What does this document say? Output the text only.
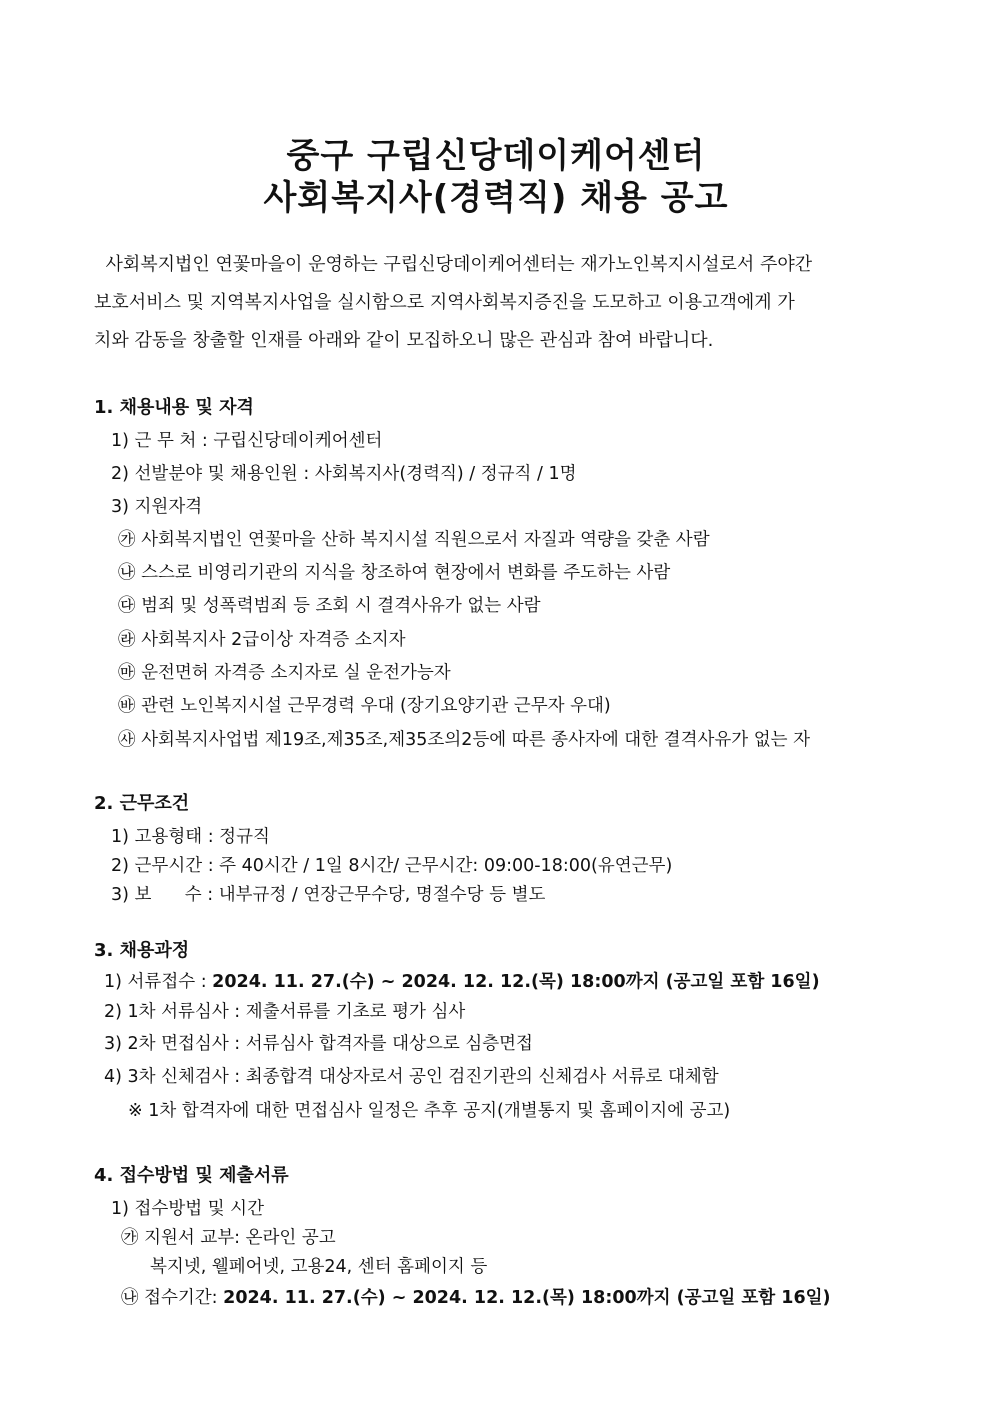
중구 구립신당데이케어센터
사회복지사(경력직) 채용 공고
사회복지법인 연꽃마을이 운영하는 구립신당데이케어센터는 재가노인복지시설로서 주야간
보호서비스 및 지역복지사업을 실시함으로 지역사회복지증진을 도모하고 이용고객에게 가
치와 감동을 창출할 인재를 아래와 같이 모집하오니 많은 관심과 참여 바랍니다.
1. 채용내용 및 자격
1) 근 무 처 : 구립신당데이케어센터
2) 선발분야 및 채용인원 : 사회복지사(경력직) / 정규직 / 1명
3) 지원자격
㉮ 사회복지법인 연꽃마을 산하 복지시설 직원으로서 자질과 역량을 갖춘 사람
㉯ 스스로 비영리기관의 지식을 창조하여 현장에서 변화를 주도하는 사람
㉰ 범죄 및 성폭력범죄 등 조회 시 결격사유가 없는 사람
㉱ 사회복지사 2급이상 자격증 소지자
㉲ 운전면허 자격증 소지자로 실 운전가능자
㉳ 관련 노인복지시설 근무경력 우대 (장기요양기관 근무자 우대)
㉴ 사회복지사업법 제19조,제35조,제35조의2등에 따른 종사자에 대한 결격사유가 없는 자
2. 근무조건
1) 고용형태 : 정규직
2) 근무시간 : 주 40시간 / 1일 8시간/ 근무시간: 09:00-18:00(유연근무)
3) 보      수 : 내부규정 / 연장근무수당, 명절수당 등 별도
3. 채용과정
1) 서류접수 : 2024. 11. 27.(수) ~ 2024. 12. 12.(목) 18:00까지 (공고일 포함 16일)
2) 1차 서류심사 : 제출서류를 기초로 평가 심사
3) 2차 면접심사 : 서류심사 합격자를 대상으로 심층면접
4) 3차 신체검사 : 최종합격 대상자로서 공인 검진기관의 신체검사 서류로 대체함
※ 1차 합격자에 대한 면접심사 일정은 추후 공지(개별통지 및 홈페이지에 공고)
4. 접수방법 및 제출서류
1) 접수방법 및 시간
㉮ 지원서 교부: 온라인 공고
복지넷, 웰페어넷, 고용24, 센터 홈페이지 등
㉯ 접수기간: 2024. 11. 27.(수) ~ 2024. 12. 12.(목) 18:00까지 (공고일 포함 16일)
